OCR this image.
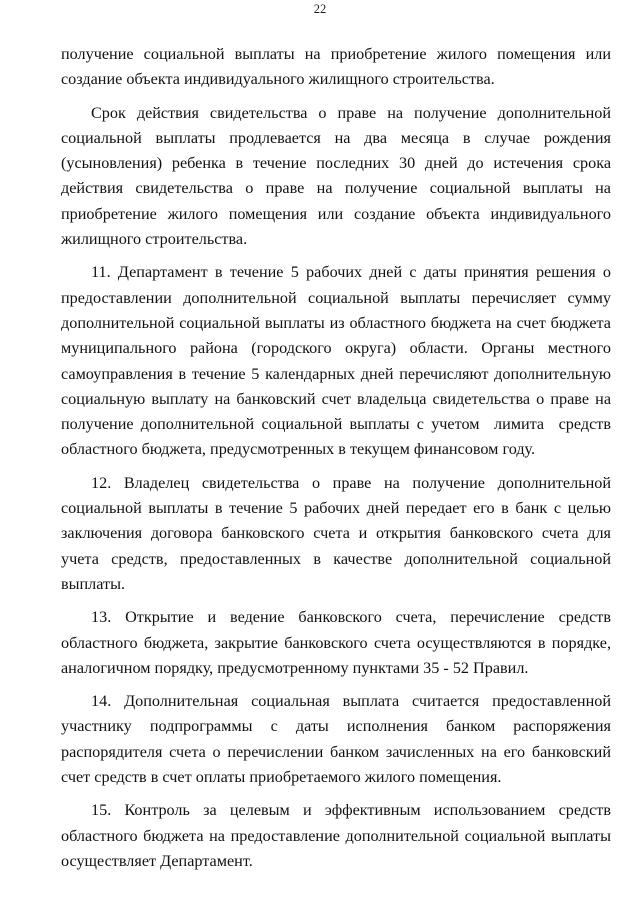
22

получение социальной выплаты на приобретение жилого помещения или создание объекта индивидуального жилищного строительства.

Срок действия свидетельства о праве на получение дополнительной социальной выплаты продлевается на два месяца в случае рождения (усыновления) ребенка в течение последних 30 дней до истечения срока действия свидетельства о праве на получение социальной выплаты на приобретение жилого помещения или создание объекта индивидуального жилищного строительства.

11. Департамент в течение 5 рабочих дней с даты принятия решения о предоставлении дополнительной социальной выплаты перечисляет сумму дополнительной социальной выплаты из областного бюджета на счет бюджета муниципального района (городского округа) области. Органы местного самоуправления в течение 5 календарных дней перечисляют дополнительную социальную выплату на банковский счет владельца свидетельства о праве на получение дополнительной социальной выплаты с учетом  лимита  средств областного бюджета, предусмотренных в текущем финансовом году.

12. Владелец свидетельства о праве на получение дополнительной социальной выплаты в течение 5 рабочих дней передает его в банк с целью заключения договора банковского счета и открытия банковского счета для учета средств, предоставленных в качестве дополнительной социальной выплаты.

13. Открытие и ведение банковского счета, перечисление средств областного бюджета, закрытие банковского счета осуществляются в порядке, аналогичном порядку, предусмотренному пунктами 35 - 52 Правил.

14. Дополнительная социальная выплата считается предоставленной участнику подпрограммы с даты исполнения банком распоряжения распорядителя счета о перечислении банком зачисленных на его банковский счет средств в счет оплаты приобретаемого жилого помещения.

15. Контроль за целевым и эффективным использованием средств областного бюджета на предоставление дополнительной социальной выплаты осуществляет Департамент.
